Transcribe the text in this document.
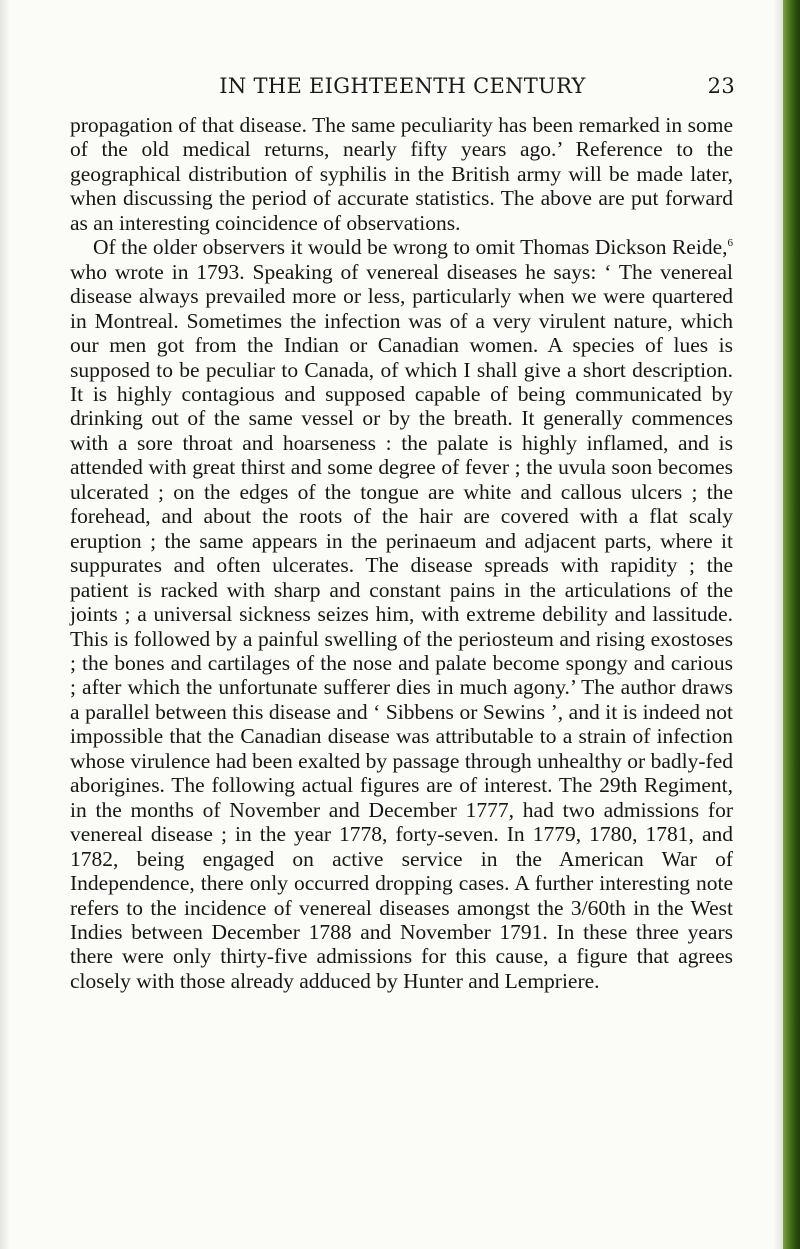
IN THE EIGHTEENTH CENTURY	23

propagation of that disease. The same peculiarity has been remarked in some of the old medical returns, nearly fifty years ago.’ Reference to the geographical distribution of syphilis in the British army will be made later, when discussing the period of accurate statistics. The above are put forward as an interesting coincidence of observations.

Of the older observers it would be wrong to omit Thomas Dickson Reide,$^6$ who wrote in 1793. Speaking of venereal diseases he says: ‘ The venereal disease always prevailed more or less, particularly when we were quartered in Montreal. Sometimes the infection was of a very virulent nature, which our men got from the Indian or Canadian women. A species of lues is supposed to be peculiar to Canada, of which I shall give a short description. It is highly contagious and supposed capable of being communicated by drinking out of the same vessel or by the breath. It generally commences with a sore throat and hoarseness : the palate is highly inflamed, and is attended with great thirst and some degree of fever ; the uvula soon becomes ulcerated ; on the edges of the tongue are white and callous ulcers ; the forehead, and about the roots of the hair are covered with a flat scaly eruption ; the same appears in the perinaeum and adjacent parts, where it suppurates and often ulcerates. The disease spreads with rapidity ; the patient is racked with sharp and constant pains in the articulations of the joints ; a universal sickness seizes him, with extreme debility and lassitude. This is followed by a painful swelling of the periosteum and rising exostoses ; the bones and cartilages of the nose and palate become spongy and carious ; after which the unfortunate sufferer dies in much agony.’ The author draws a parallel between this disease and ‘ Sibbens or Sewins ’, and it is indeed not impossible that the Canadian disease was attributable to a strain of infection whose virulence had been exalted by passage through unhealthy or badly-fed aborigines. The following actual figures are of interest. The 29th Regiment, in the months of November and December 1777, had two admissions for venereal disease ; in the year 1778, forty-seven. In 1779, 1780, 1781, and 1782, being engaged on active service in the American War of Independence, there only occurred dropping cases. A further interesting note refers to the incidence of venereal diseases amongst the 3/60th in the West Indies between December 1788 and November 1791. In these three years there were only thirty-five admissions for this cause, a figure that agrees closely with those already adduced by Hunter and Lempriere.
